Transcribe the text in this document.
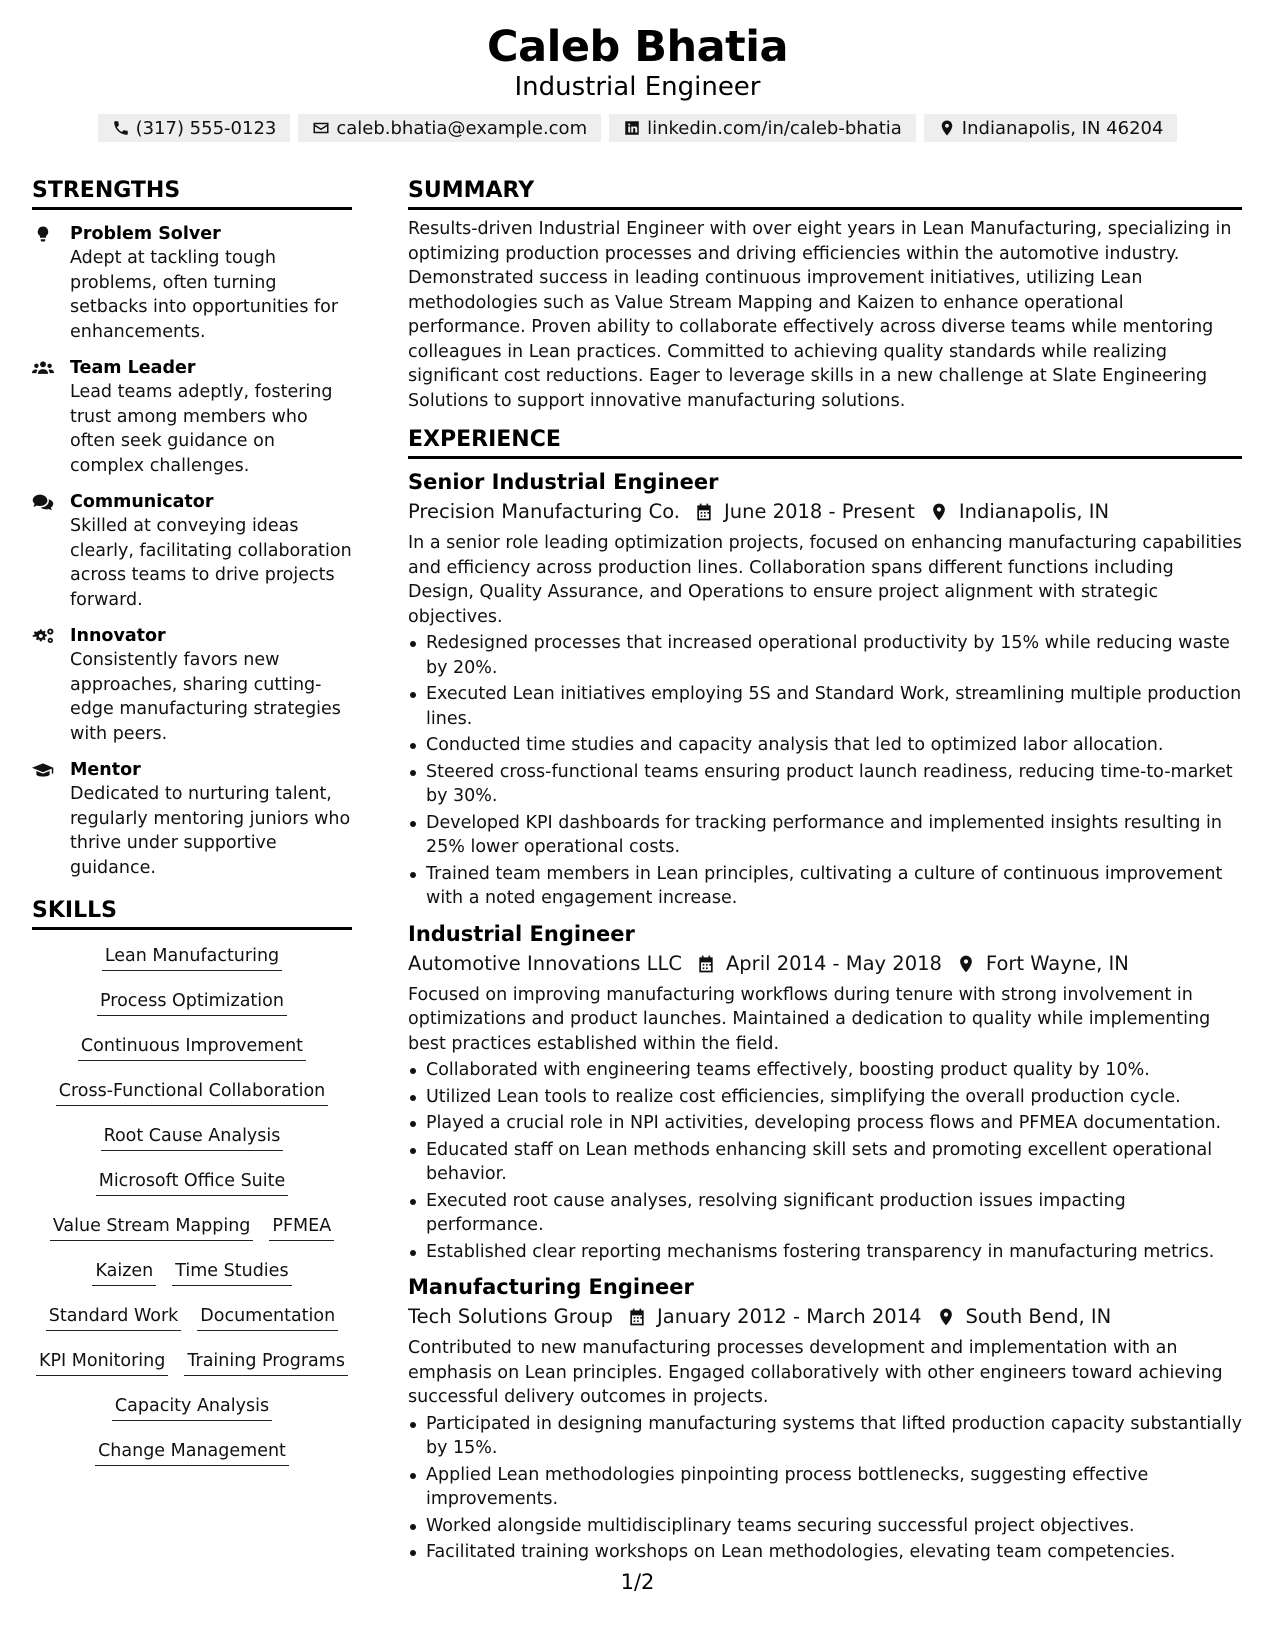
Caleb Bhatia
Industrial Engineer
(317) 555-0123	caleb.bhatia@example.com	linkedin.com/in/caleb-bhatia	Indianapolis, IN 46204
STRENGTHS
Problem Solver
Adept at tackling tough problems, often turning setbacks into opportunities for enhancements.
Team Leader
Lead teams adeptly, fostering trust among members who often seek guidance on complex challenges.
Communicator
Skilled at conveying ideas clearly, facilitating collaboration across teams to drive projects forward.
Innovator
Consistently favors new approaches, sharing cutting-edge manufacturing strategies with peers.
Mentor
Dedicated to nurturing talent, regularly mentoring juniors who thrive under supportive guidance.
SKILLS
Lean Manufacturing
Process Optimization
Continuous Improvement
Cross-Functional Collaboration
Root Cause Analysis
Microsoft Office Suite
Value Stream Mapping PFMEA
Kaizen Time Studies
Standard Work Documentation
KPI Monitoring Training Programs
Capacity Analysis
Change Management
SUMMARY
Results-driven Industrial Engineer with over eight years in Lean Manufacturing, specializing in optimizing production processes and driving efficiencies within the automotive industry. Demonstrated success in leading continuous improvement initiatives, utilizing Lean methodologies such as Value Stream Mapping and Kaizen to enhance operational performance. Proven ability to collaborate effectively across diverse teams while mentoring colleagues in Lean practices. Committed to achieving quality standards while realizing significant cost reductions. Eager to leverage skills in a new challenge at Slate Engineering Solutions to support innovative manufacturing solutions.
EXPERIENCE
Senior Industrial Engineer
Precision Manufacturing Co. June 2018 - Present Indianapolis, IN
In a senior role leading optimization projects, focused on enhancing manufacturing capabilities and efficiency across production lines. Collaboration spans different functions including Design, Quality Assurance, and Operations to ensure project alignment with strategic objectives.
Redesigned processes that increased operational productivity by 15% while reducing waste by 20%.
Executed Lean initiatives employing 5S and Standard Work, streamlining multiple production lines.
Conducted time studies and capacity analysis that led to optimized labor allocation.
Steered cross-functional teams ensuring product launch readiness, reducing time-to-market by 30%.
Developed KPI dashboards for tracking performance and implemented insights resulting in 25% lower operational costs.
Trained team members in Lean principles, cultivating a culture of continuous improvement with a noted engagement increase.
Industrial Engineer
Automotive Innovations LLC April 2014 - May 2018 Fort Wayne, IN
Focused on improving manufacturing workflows during tenure with strong involvement in optimizations and product launches. Maintained a dedication to quality while implementing best practices established within the field.
Collaborated with engineering teams effectively, boosting product quality by 10%.
Utilized Lean tools to realize cost efficiencies, simplifying the overall production cycle.
Played a crucial role in NPI activities, developing process flows and PFMEA documentation.
Educated staff on Lean methods enhancing skill sets and promoting excellent operational behavior.
Executed root cause analyses, resolving significant production issues impacting performance.
Established clear reporting mechanisms fostering transparency in manufacturing metrics.
Manufacturing Engineer
Tech Solutions Group January 2012 - March 2014 South Bend, IN
Contributed to new manufacturing processes development and implementation with an emphasis on Lean principles. Engaged collaboratively with other engineers toward achieving successful delivery outcomes in projects.
Participated in designing manufacturing systems that lifted production capacity substantially by 15%.
Applied Lean methodologies pinpointing process bottlenecks, suggesting effective improvements.
Worked alongside multidisciplinary teams securing successful project objectives.
Facilitated training workshops on Lean methodologies, elevating team competencies.
1/2
